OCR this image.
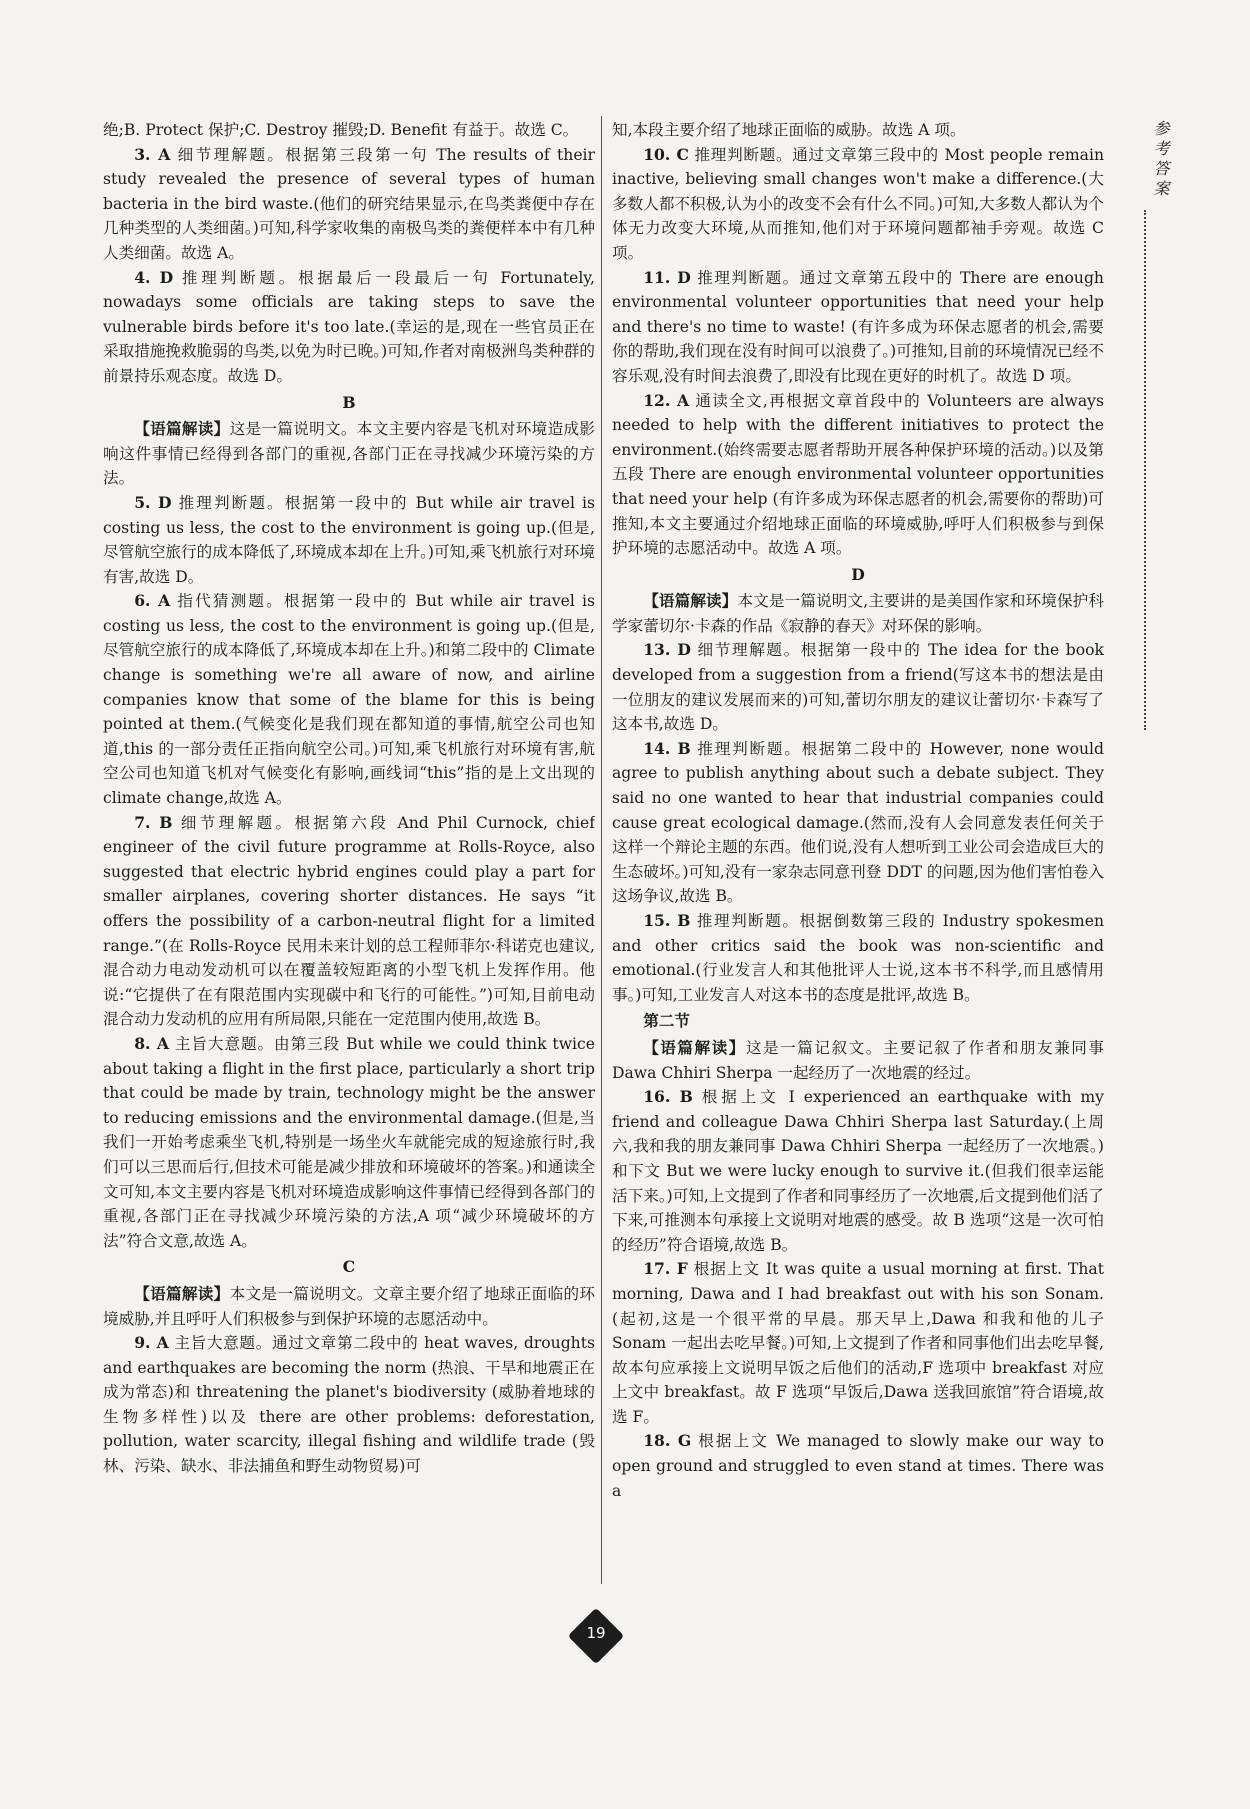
绝;B. Protect 保护;C. Destroy 摧毁;D. Benefit 有益于。故选 C。

3. A 细节理解题。根据第三段第一句 The results of their study revealed the presence of several types of human bacteria in the bird waste.(他们的研究结果显示,在鸟类粪便中存在几种类型的人类细菌。)可知,科学家收集的南极鸟类的粪便样本中有几种人类细菌。故选 A。

4. D 推理判断题。根据最后一段最后一句 Fortunately, nowadays some officials are taking steps to save the vulnerable birds before it's too late.(幸运的是,现在一些官员正在采取措施挽救脆弱的鸟类,以免为时已晚。)可知,作者对南极洲鸟类种群的前景持乐观态度。故选 D。

B

【语篇解读】这是一篇说明文。本文主要内容是飞机对环境造成影响这件事情已经得到各部门的重视,各部门正在寻找减少环境污染的方法。

5. D 推理判断题。根据第一段中的 But while air travel is costing us less, the cost to the environment is going up.(但是,尽管航空旅行的成本降低了,环境成本却在上升。)可知,乘飞机旅行对环境有害,故选 D。

6. A 指代猜测题。根据第一段中的 But while air travel is costing us less, the cost to the environment is going up.(但是,尽管航空旅行的成本降低了,环境成本却在上升。)和第二段中的 Climate change is something we're all aware of now, and airline companies know that some of the blame for this is being pointed at them.(气候变化是我们现在都知道的事情,航空公司也知道,this 的一部分责任正指向航空公司。)可知,乘飞机旅行对环境有害,航空公司也知道飞机对气候变化有影响,画线词“this”指的是上文出现的 climate change,故选 A。

7. B 细节理解题。根据第六段 And Phil Curnock, chief engineer of the civil future programme at Rolls-Royce, also suggested that electric hybrid engines could play a part for smaller airplanes, covering shorter distances. He says “it offers the possibility of a carbon-neutral flight for a limited range.”(在 Rolls-Royce 民用未来计划的总工程师菲尔·科诺克也建议,混合动力电动发动机可以在覆盖较短距离的小型飞机上发挥作用。他说:“它提供了在有限范围内实现碳中和飞行的可能性。”)可知,目前电动混合动力发动机的应用有所局限,只能在一定范围内使用,故选 B。

8. A 主旨大意题。由第三段 But while we could think twice about taking a flight in the first place, particularly a short trip that could be made by train, technology might be the answer to reducing emissions and the environmental damage.(但是,当我们一开始考虑乘坐飞机,特别是一场坐火车就能完成的短途旅行时,我们可以三思而后行,但技术可能是减少排放和环境破坏的答案。)和通读全文可知,本文主要内容是飞机对环境造成影响这件事情已经得到各部门的重视,各部门正在寻找减少环境污染的方法,A 项“减少环境破坏的方法”符合文意,故选 A。

C

【语篇解读】本文是一篇说明文。文章主要介绍了地球正面临的环境威胁,并且呼吁人们积极参与到保护环境的志愿活动中。

9. A 主旨大意题。通过文章第二段中的 heat waves, droughts and earthquakes are becoming the norm (热浪、干旱和地震正在成为常态)和 threatening the planet's biodiversity (威胁着地球的生物多样性)以及 there are other problems: deforestation, pollution, water scarcity, illegal fishing and wildlife trade (毁林、污染、缺水、非法捕鱼和野生动物贸易)可

知,本段主要介绍了地球正面临的威胁。故选 A 项。

10. C 推理判断题。通过文章第三段中的 Most people remain inactive, believing small changes won't make a difference.(大多数人都不积极,认为小的改变不会有什么不同。)可知,大多数人都认为个体无力改变大环境,从而推知,他们对于环境问题都袖手旁观。故选 C 项。

11. D 推理判断题。通过文章第五段中的 There are enough environmental volunteer opportunities that need your help and there's no time to waste! (有许多成为环保志愿者的机会,需要你的帮助,我们现在没有时间可以浪费了。)可推知,目前的环境情况已经不容乐观,没有时间去浪费了,即没有比现在更好的时机了。故选 D 项。

12. A 通读全文,再根据文章首段中的 Volunteers are always needed to help with the different initiatives to protect the environment.(始终需要志愿者帮助开展各种保护环境的活动。)以及第五段 There are enough environmental volunteer opportunities that need your help (有许多成为环保志愿者的机会,需要你的帮助)可推知,本文主要通过介绍地球正面临的环境威胁,呼吁人们积极参与到保护环境的志愿活动中。故选 A 项。

D

【语篇解读】本文是一篇说明文,主要讲的是美国作家和环境保护科学家蕾切尔·卡森的作品《寂静的春天》对环保的影响。

13. D 细节理解题。根据第一段中的 The idea for the book developed from a suggestion from a friend(写这本书的想法是由一位朋友的建议发展而来的)可知,蕾切尔朋友的建议让蕾切尔·卡森写了这本书,故选 D。

14. B 推理判断题。根据第二段中的 However, none would agree to publish anything about such a debate subject. They said no one wanted to hear that industrial companies could cause great ecological damage.(然而,没有人会同意发表任何关于这样一个辩论主题的东西。他们说,没有人想听到工业公司会造成巨大的生态破坏。)可知,没有一家杂志同意刊登 DDT 的问题,因为他们害怕卷入这场争议,故选 B。

15. B 推理判断题。根据倒数第三段的 Industry spokesmen and other critics said the book was non-scientific and emotional.(行业发言人和其他批评人士说,这本书不科学,而且感情用事。)可知,工业发言人对这本书的态度是批评,故选 B。

第二节

【语篇解读】这是一篇记叙文。主要记叙了作者和朋友兼同事 Dawa Chhiri Sherpa 一起经历了一次地震的经过。

16. B 根据上文 I experienced an earthquake with my friend and colleague Dawa Chhiri Sherpa last Saturday.(上周六,我和我的朋友兼同事 Dawa Chhiri Sherpa 一起经历了一次地震。)和下文 But we were lucky enough to survive it.(但我们很幸运能活下来。)可知,上文提到了作者和同事经历了一次地震,后文提到他们活了下来,可推测本句承接上文说明对地震的感受。故 B 选项“这是一次可怕的经历”符合语境,故选 B。

17. F 根据上文 It was quite a usual morning at first. That morning, Dawa and I had breakfast out with his son Sonam.(起初,这是一个很平常的早晨。那天早上,Dawa 和我和他的儿子 Sonam 一起出去吃早餐。)可知,上文提到了作者和同事他们出去吃早餐,故本句应承接上文说明早饭之后他们的活动,F 选项中 breakfast 对应上文中 breakfast。故 F 选项“早饭后,Dawa 送我回旅馆”符合语境,故选 F。

18. G 根据上文 We managed to slowly make our way to open ground and struggled to even stand at times. There was a

参考答案
19
